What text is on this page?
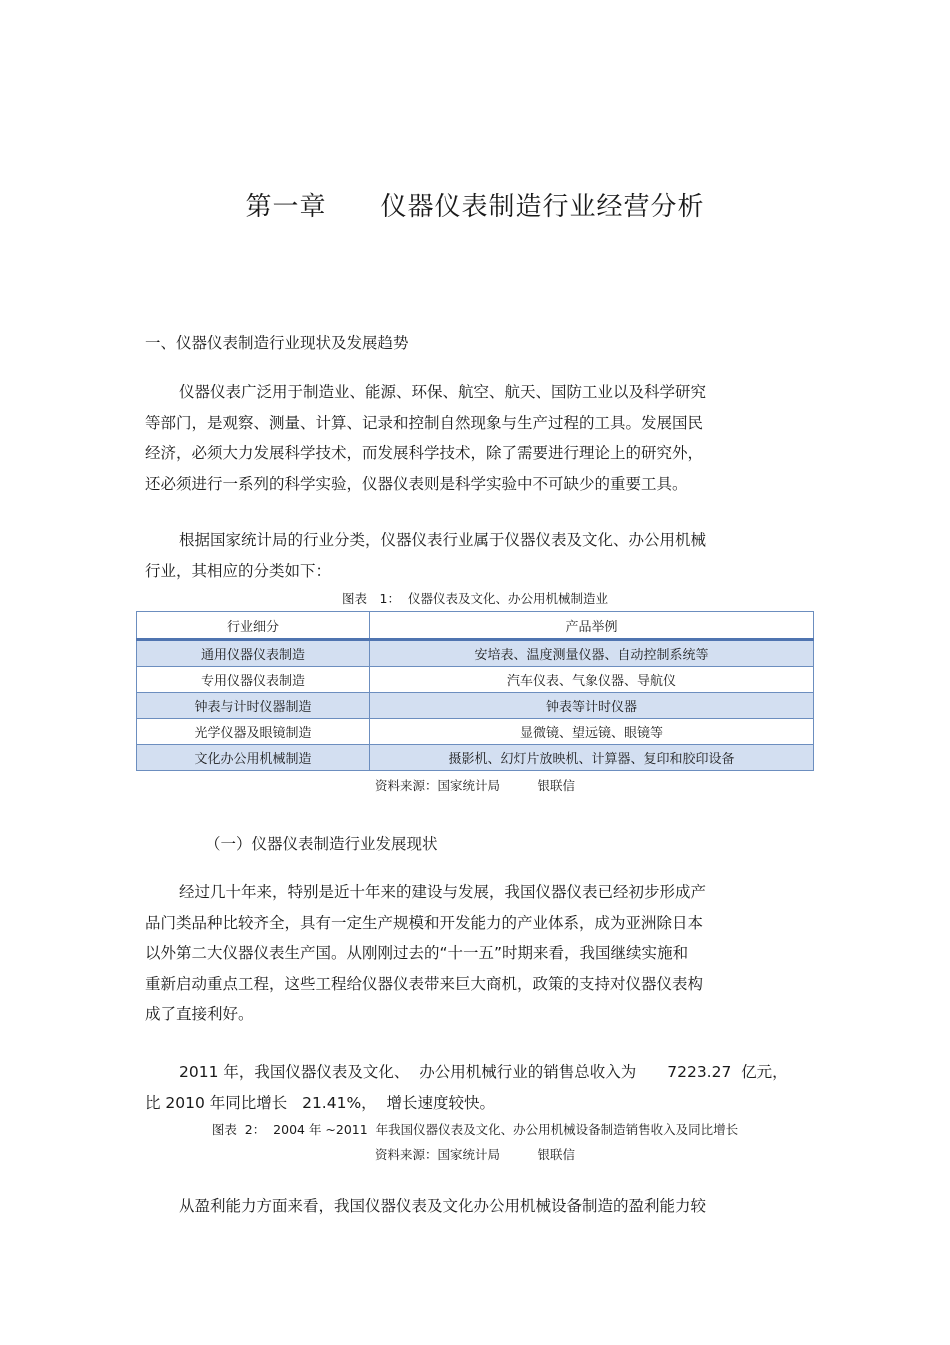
第一章　　仪器仪表制造行业经营分析
一、仪器仪表制造行业现状及发展趋势
仪器仪表广泛用于制造业、能源、环保、航空、航天、国防工业以及科学研究
等部门，是观察、测量、计算、记录和控制自然现象与生产过程的工具。发展国民
经济，必须大力发展科学技术，而发展科学技术，除了需要进行理论上的研究外，
还必须进行一系列的科学实验，仪器仪表则是科学实验中不可缺少的重要工具。
根据国家统计局的行业分类，仪器仪表行业属于仪器仪表及文化、办公用机械
行业，其相应的分类如下：
图表　1：  仪器仪表及文化、办公用机械制造业
行业细分	产品举例
通用仪器仪表制造	安培表、温度测量仪器、自动控制系统等
专用仪器仪表制造	汽车仪表、气象仪器、导航仪
钟表与计时仪器制造	钟表等计时仪器
光学仪器及眼镜制造	显微镜、望远镜、眼镜等
文化办公用机械制造	摄影机、幻灯片放映机、计算器、复印和胶印设备
资料来源：国家统计局　　　银联信
（一）仪器仪表制造行业发展现状
经过几十年来，特别是近十年来的建设与发展，我国仪器仪表已经初步形成产
品门类品种比较齐全，具有一定生产规模和开发能力的产业体系，成为亚洲除日本
以外第二大仪器仪表生产国。从刚刚过去的“十一五”时期来看，我国继续实施和
重新启动重点工程，这些工程给仪器仪表带来巨大商机，政策的支持对仪器仪表构
成了直接利好。
2011 年，我国仪器仪表及文化、  办公用机械行业的销售总收入为　　7223.27  亿元，
比 2010 年同比增长   21.41%，  增长速度较快。
图表  2：  2004 年 ~2011  年我国仪器仪表及文化、办公用机械设备制造销售收入及同比增长
资料来源：国家统计局　　　银联信
从盈利能力方面来看，我国仪器仪表及文化办公用机械设备制造的盈利能力较
